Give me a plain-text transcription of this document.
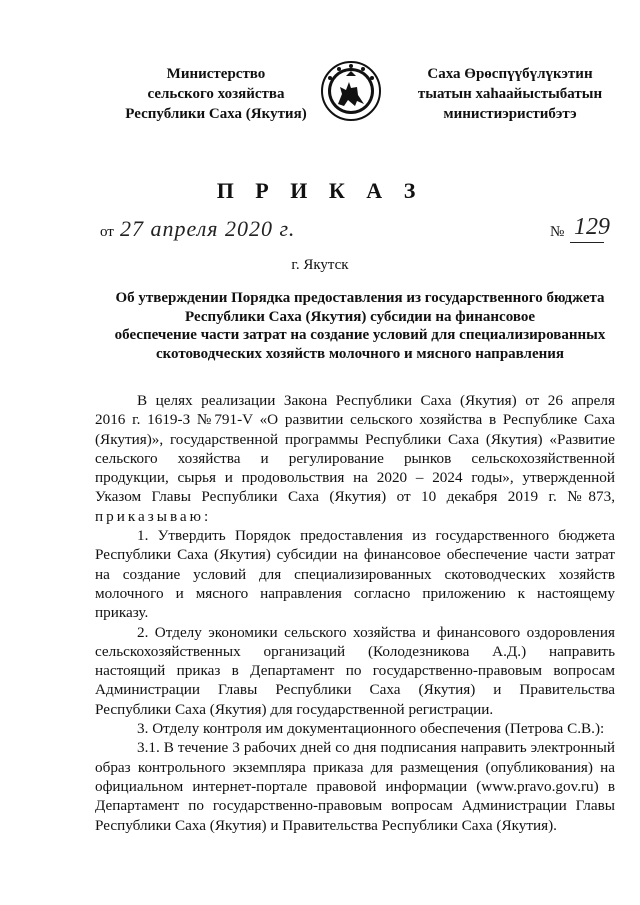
Министерство
сельского хозяйства
Республики Саха (Якутия)
Саха Өрөспүүбүлүкэтин
тыатын хаһаайыстыбатын
министиэристибэтэ
П Р И К А З
от 27 апреля 2020 г.	№ 129
г. Якутск
Об утверждении Порядка предоставления из государственного бюджета
Республики Саха (Якутия) субсидии на финансовое
обеспечение части затрат на создание условий для специализированных
скотоводческих хозяйств молочного и мясного направления
В целях реализации Закона Республики Саха (Якутия) от 26 апреля
2016 г. 1619-З №791-V «О развитии сельского хозяйства в Республике Саха
(Якутия)», государственной программы Республики Саха (Якутия) «Развитие
сельского хозяйства и регулирование рынков сельскохозяйственной
продукции, сырья и продовольствия на 2020 – 2024 годы», утвержденной
Указом Главы Республики Саха (Якутия) от 10 декабря 2019 г. №873,
приказываю:
1. Утвердить Порядок предоставления из государственного бюджета
Республики Саха (Якутия) субсидии на финансовое обеспечение части затрат
на создание условий для специализированных скотоводческих хозяйств
молочного и мясного направления согласно приложению к настоящему
приказу.
2. Отделу экономики сельского хозяйства и финансового оздоровления
сельскохозяйственных организаций (Колодезникова А.Д.) направить
настоящий приказ в Департамент по государственно-правовым вопросам
Администрации Главы Республики Саха (Якутия) и Правительства
Республики Саха (Якутия) для государственной регистрации.
3. Отделу контроля им документационного обеспечения (Петрова С.В.):
3.1. В течение 3 рабочих дней со дня подписания направить электронный
образ контрольного экземпляра приказа для размещения (опубликования) на
официальном интернет-портале правовой информации (www.pravo.gov.ru) в
Департамент по государственно-правовым вопросам Администрации Главы
Республики Саха (Якутия) и Правительства Республики Саха (Якутия).
